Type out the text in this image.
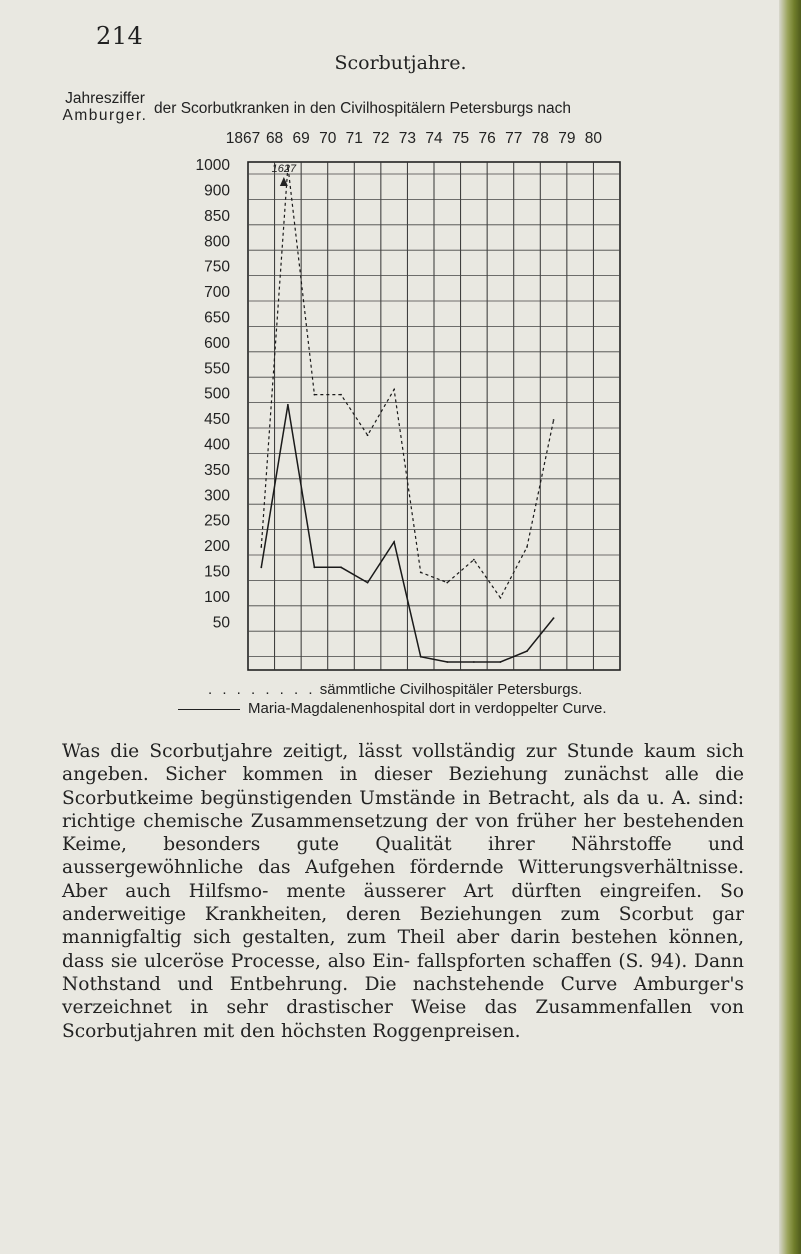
214
Scorbutjahre.
Jahresziffer
Amburger. der Scorbutkranken in den Civilhospitälern Petersburgs nach
1000
900
850
800
750
700
650
600
550
500
450
400
350
300
250
200
150
100
50
1867 68 69 70 71 72 73 74 75 76 77 78 79 80
1627
. . . . . . . . sämmtliche Civilhospitäler Petersburgs.
Maria-Magdalenenhospital dort in verdoppelter Curve.

Was die Scorbutjahre zeitigt, lässt vollständig zur Stunde kaum sich angeben. Sicher kommen in dieser Beziehung zunächst alle die Scorbutkeime begünstigenden Umstände in Betracht, als da u. A. sind: richtige chemische Zusammensetzung der von früher her bestehenden Keime, besonders gute Qualität ihrer Nährstoffe und aussergewöhnliche das Aufgehen fördernde Witterungsverhältnisse. Aber auch Hilfsmo- mente äusserer Art dürften eingreifen. So anderweitige Krankheiten, deren Beziehungen zum Scorbut gar mannigfaltig sich gestalten, zum Theil aber darin bestehen können, dass sie ulceröse Processe, also Ein- fallspforten schaffen (S. 94). Dann Nothstand und Entbehrung. Die nachstehende Curve Amburger's verzeichnet in sehr drastischer Weise das Zusammenfallen von Scorbutjahren mit den höchsten Roggenpreisen.
